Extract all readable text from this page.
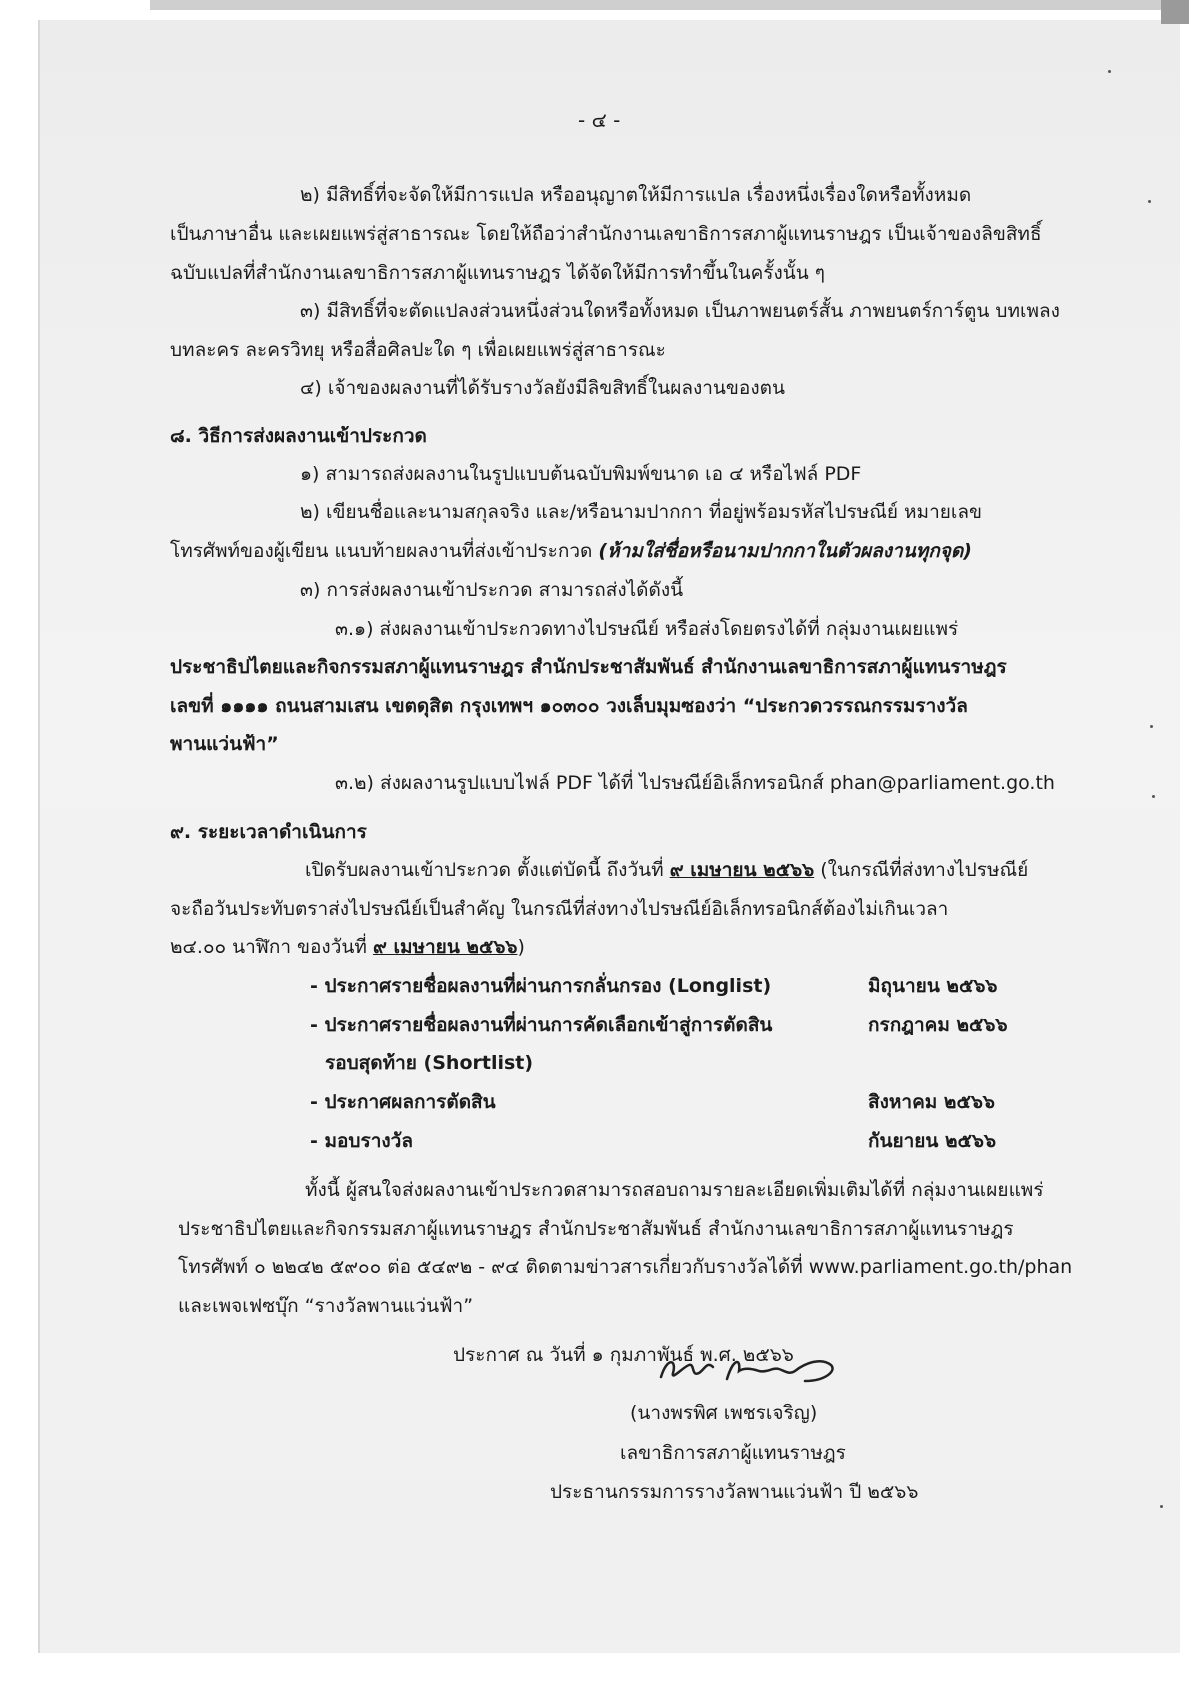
- ๔ -
๒) มีสิทธิ์ที่จะจัดให้มีการแปล หรืออนุญาตให้มีการแปล เรื่องหนึ่งเรื่องใดหรือทั้งหมด
เป็นภาษาอื่น และเผยแพร่สู่สาธารณะ โดยให้ถือว่าสำนักงานเลขาธิการสภาผู้แทนราษฎร เป็นเจ้าของลิขสิทธิ์
ฉบับแปลที่สำนักงานเลขาธิการสภาผู้แทนราษฎร ได้จัดให้มีการทำขึ้นในครั้งนั้น ๆ
๓) มีสิทธิ์ที่จะตัดแปลงส่วนหนึ่งส่วนใดหรือทั้งหมด เป็นภาพยนตร์สั้น ภาพยนตร์การ์ตูน บทเพลง
บทละคร ละครวิทยุ หรือสื่อศิลปะใด ๆ เพื่อเผยแพร่สู่สาธารณะ
๔) เจ้าของผลงานที่ได้รับรางวัลยังมีลิขสิทธิ์ในผลงานของตน
๘. วิธีการส่งผลงานเข้าประกวด
๑) สามารถส่งผลงานในรูปแบบต้นฉบับพิมพ์ขนาด เอ ๔ หรือไฟล์ PDF
๒) เขียนชื่อและนามสกุลจริง และ/หรือนามปากกา ที่อยู่พร้อมรหัสไปรษณีย์ หมายเลข
โทรศัพท์ของผู้เขียน แนบท้ายผลงานที่ส่งเข้าประกวด (ห้ามใส่ชื่อหรือนามปากกาในตัวผลงานทุกจุด)
๓) การส่งผลงานเข้าประกวด สามารถส่งได้ดังนี้
๓.๑) ส่งผลงานเข้าประกวดทางไปรษณีย์ หรือส่งโดยตรงได้ที่ กลุ่มงานเผยแพร่
ประชาธิปไตยและกิจกรรมสภาผู้แทนราษฎร สำนักประชาสัมพันธ์ สำนักงานเลขาธิการสภาผู้แทนราษฎร
เลขที่ ๑๑๑๑ ถนนสามเสน เขตดุสิต กรุงเทพฯ ๑๐๓๐๐ วงเล็บมุมซองว่า “ประกวดวรรณกรรมรางวัล
พานแว่นฟ้า”
๓.๒) ส่งผลงานรูปแบบไฟล์ PDF ได้ที่ ไปรษณีย์อิเล็กทรอนิกส์ phan@parliament.go.th
๙. ระยะเวลาดำเนินการ
เปิดรับผลงานเข้าประกวด ตั้งแต่บัดนี้ ถึงวันที่ ๙ เมษายน ๒๕๖๖ (ในกรณีที่ส่งทางไปรษณีย์
จะถือวันประทับตราส่งไปรษณีย์เป็นสำคัญ ในกรณีที่ส่งทางไปรษณีย์อิเล็กทรอนิกส์ต้องไม่เกินเวลา
๒๔.๐๐ นาฬิกา ของวันที่ ๙ เมษายน ๒๕๖๖)
- ประกาศรายชื่อผลงานที่ผ่านการกลั่นกรอง (Longlist)	มิถุนายน ๒๕๖๖
- ประกาศรายชื่อผลงานที่ผ่านการคัดเลือกเข้าสู่การตัดสิน	กรกฎาคม ๒๕๖๖
รอบสุดท้าย (Shortlist)
- ประกาศผลการตัดสิน	สิงหาคม ๒๕๖๖
- มอบรางวัล	กันยายน ๒๕๖๖
ทั้งนี้ ผู้สนใจส่งผลงานเข้าประกวดสามารถสอบถามรายละเอียดเพิ่มเติมได้ที่ กลุ่มงานเผยแพร่
ประชาธิปไตยและกิจกรรมสภาผู้แทนราษฎร สำนักประชาสัมพันธ์ สำนักงานเลขาธิการสภาผู้แทนราษฎร
โทรศัพท์ ๐ ๒๒๔๒ ๕๙๐๐ ต่อ ๕๔๙๒ - ๙๔ ติดตามข่าวสารเกี่ยวกับรางวัลได้ที่ www.parliament.go.th/phan
และเพจเฟซบุ๊ก “รางวัลพานแว่นฟ้า”
ประกาศ ณ วันที่ ๑ กุมภาพันธ์ พ.ศ. ๒๕๖๖
(นางพรพิศ เพชรเจริญ)
เลขาธิการสภาผู้แทนราษฎร
ประธานกรรมการรางวัลพานแว่นฟ้า ปี ๒๕๖๖
